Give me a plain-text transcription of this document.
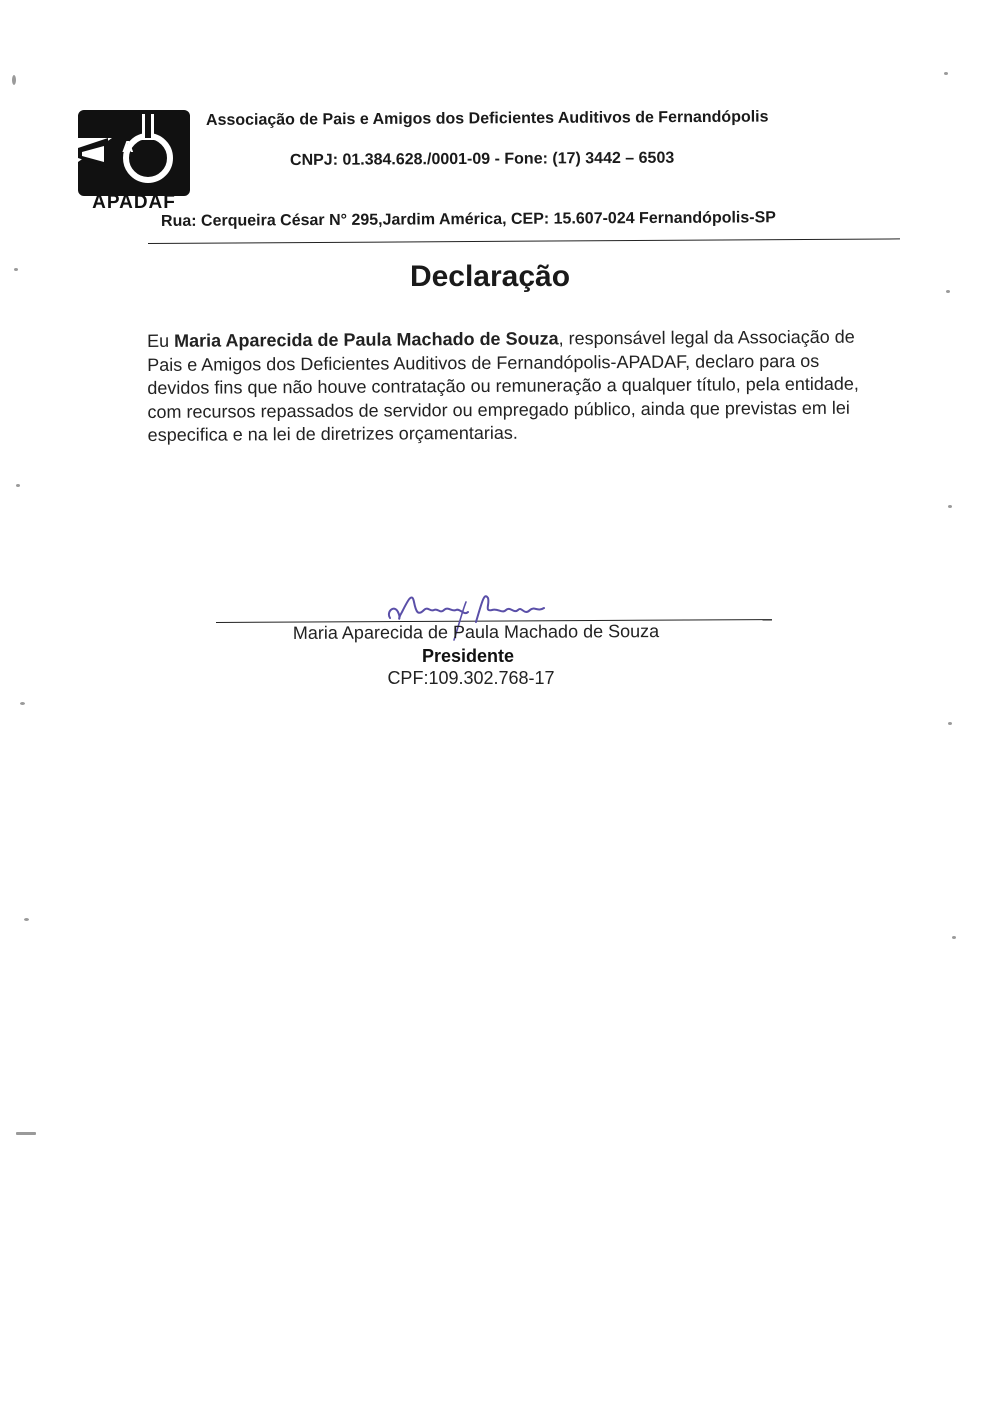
A
APADAF
Associação de Pais e Amigos dos Deficientes Auditivos de Fernandópolis
CNPJ: 01.384.628./0001-09 - Fone: (17) 3442 – 6503
Rua: Cerqueira César N° 295,Jardim América, CEP: 15.607-024 Fernandópolis-SP
Declaração
Eu Maria Aparecida de Paula Machado de Souza, responsável legal da Associação de Pais e Amigos dos Deficientes Auditivos de Fernandópolis-APADAF, declaro para os devidos fins que não houve contratação ou remuneração a qualquer título, pela entidade, com recursos repassados de servidor ou empregado público, ainda que previstas em lei especifica e na lei de diretrizes orçamentarias.
Maria Aparecida de Paula Machado de Souza
Presidente
CPF:109.302.768-17
